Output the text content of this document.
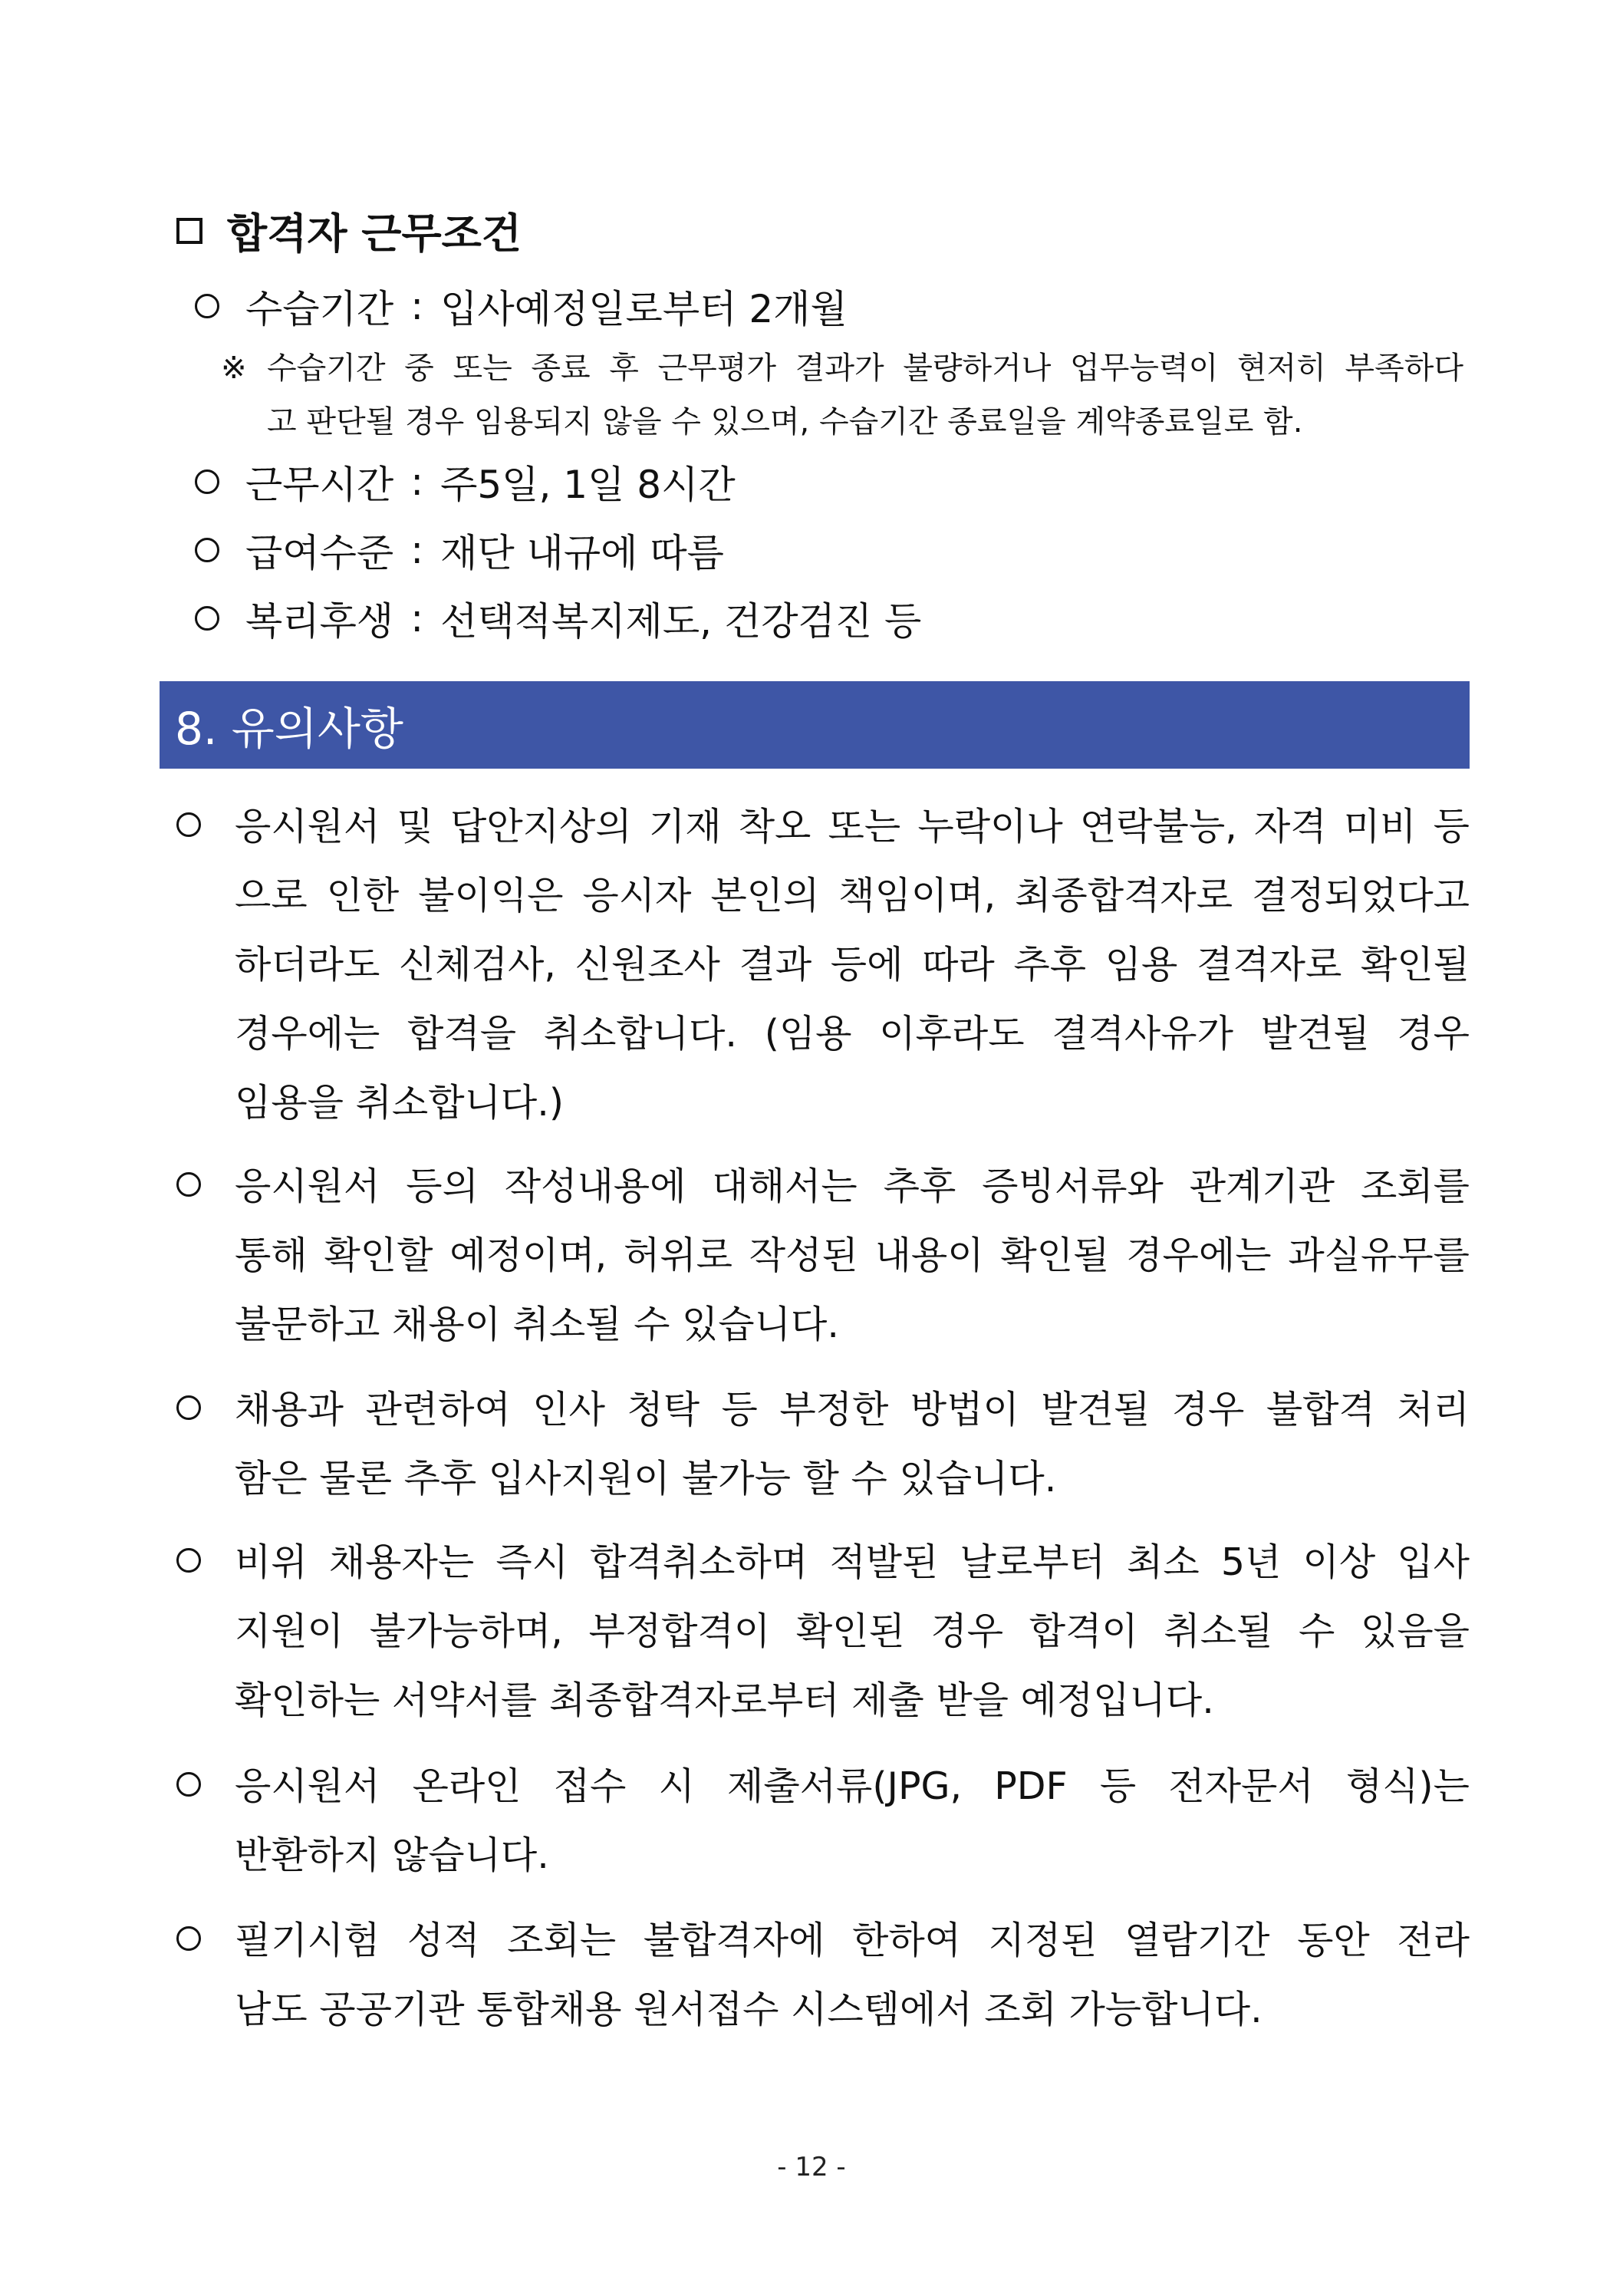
합격자 근무조건
수습기간 : 입사예정일로부터 2개월
※ 수습기간 중 또는 종료 후 근무평가 결과가 불량하거나 업무능력이 현저히 부족하다
고 판단될 경우 임용되지 않을 수 있으며, 수습기간 종료일을 계약종료일로 함.
근무시간 : 주5일, 1일 8시간
급여수준 : 재단 내규에 따름
복리후생 : 선택적복지제도, 건강검진 등
8. 유의사항
응시원서 및 답안지상의 기재 착오 또는 누락이나 연락불능, 자격 미비 등
으로 인한 불이익은 응시자 본인의 책임이며, 최종합격자로 결정되었다고
하더라도 신체검사, 신원조사 결과 등에 따라 추후 임용 결격자로 확인될
경우에는 합격을 취소합니다. (임용 이후라도 결격사유가 발견될 경우
임용을 취소합니다.)
응시원서 등의 작성내용에 대해서는 추후 증빙서류와 관계기관 조회를
통해 확인할 예정이며, 허위로 작성된 내용이 확인될 경우에는 과실유무를
불문하고 채용이 취소될 수 있습니다.
채용과 관련하여 인사 청탁 등 부정한 방법이 발견될 경우 불합격 처리
함은 물론 추후 입사지원이 불가능 할 수 있습니다.
비위 채용자는 즉시 합격취소하며 적발된 날로부터 최소 5년 이상 입사
지원이 불가능하며, 부정합격이 확인된 경우 합격이 취소될 수 있음을
확인하는 서약서를 최종합격자로부터 제출 받을 예정입니다.
응시원서 온라인 접수 시 제출서류(JPG, PDF 등 전자문서 형식)는
반환하지 않습니다.
필기시험 성적 조회는 불합격자에 한하여 지정된 열람기간 동안 전라
남도 공공기관 통합채용 원서접수 시스템에서 조회 가능합니다.
- 12 -
